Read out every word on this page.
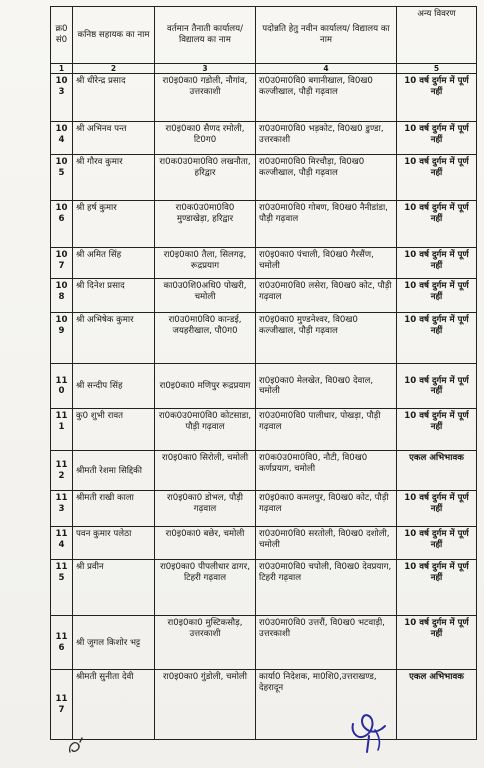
क्र0 सं0	कनिष्ठ सहायक का नाम	वर्तमान तैनाती कार्यालय/ विद्यालय का नाम	पदोन्नति हेतु नवीन कार्यालय/ विद्यालय का नाम	अन्य विवरण
1	2	3	4	5
103	श्री धीरेन्द्र प्रसाद	रा0इ0का0 गडोली, नौगांव, उत्तरकाशी	रा0उ0मा0वि0 बगानीखाल, वि0ख0 कल्जीखाल, पौड़ी गढ़वाल	10 वर्ष दुर्गम में पूर्ण नहीं
104	श्री अभिनव पन्त	रा0इ0का0 सैणद रमोली, टि0ग0	रा0उ0मा0वि0 भड़कोट, वि0ख0 डुण्डा, उत्तरकाशी	10 वर्ष दुर्गम में पूर्ण नहीं
105	श्री गौरव कुमार	रा0क0उ0मा0वि0 लखनौता, हरिद्वार	रा0उ0मा0वि0 मिरचौड़ा, वि0ख0 कल्जीखाल, पौड़ी गढ़वाल	10 वर्ष दुर्गम में पूर्ण नहीं
106	श्री हर्ष कुमार	रा0क0उ0मा0वि0 मुण्डाखेड़ा, हरिद्वार	रा0उ0मा0वि0 गोबण, वि0ख0 नैनीडांडा, पौड़ी गढ़वाल	10 वर्ष दुर्गम में पूर्ण नहीं
107	श्री अमित सिंह	रा0इ0का0 तैला, सिलगढ़, रूद्रप्रयाग	रा0इ0का0 पंचाली, वि0ख0 गैरसैंण, चमोली	10 वर्ष दुर्गम में पूर्ण नहीं
108	श्री दिनेश प्रसाद	का0उ0शि0अधि0 पोखरी, चमोली	रा0उ0मा0वि0 लसेरा, वि0ख0 कोट, पौड़ी गढ़वाल	10 वर्ष दुर्गम में पूर्ण नहीं
109	श्री अभिषेक कुमार	रा0उ0मा0वि0 कान्डई, जयहरीखाल, पौ0ग0	रा0इ0का0 मुण्डनेश्वर, वि0ख0 कल्जीखाल, पौड़ी गढ़वाल	10 वर्ष दुर्गम में पूर्ण नहीं
110	श्री सन्दीप सिंह	रा0इ0का0 मणिपुर रूद्रप्रयाग	रा0इ0का0 मेलखेत, वि0ख0 देवाल, चमोली	10 वर्ष दुर्गम में पूर्ण नहीं
111	कु0 शुभी रावत	रा0क0उ0मा0वि0 कोटसाडा, पौड़ी गढ़वाल	रा0उ0मा0वि0 पालीधार, पोखड़ा, पौड़ी गढ़वाल	10 वर्ष दुर्गम में पूर्ण नहीं
112	श्रीमती रेशमा सिद्दिकी	रा0इ0का0 सिरोली, चमोली	रा0क0उ0मा0वि0, नौटी, वि0ख0 कर्णप्रयाग, चमोली	एकल अभिभावक
113	श्रीमती राखी काला	रा0इ0का0 डोभल, पौड़ी गढ़वाल	रा0इ0का0 कमलपुर, वि0ख0 कोट, पौड़ी गढ़वाल	10 वर्ष दुर्गम में पूर्ण नहीं
114	पवन कुमार पलेठा	रा0इ0का0 बछेर, चमोली	रा0उ0मा0वि0 सरतोली, वि0ख0 दशोली, चमोली	10 वर्ष दुर्गम में पूर्ण नहीं
115	श्री प्रवीन	रा0इ0का0 पीपलीधार ढागर, टिहरी गढ़वाल	रा0उ0मा0वि0 चपोली, वि0ख0 देवप्रयाग, टिहरी गढ़वाल	10 वर्ष दुर्गम में पूर्ण नहीं
116	श्री जुगल किशोर भट्ट	रा0इ0का0 मुस्टिकसौड़, उत्तरकाशी	रा0उ0मा0वि0 उत्तरौं, वि0ख0 भटवाड़ी, उत्तरकाशी	10 वर्ष दुर्गम में पूर्ण नहीं
117	श्रीमती सुनीता देवी	रा0इ0का0 गुंडोली, चमोली	कार्या0 निदेशक, मा0शि0,उत्तराखण्ड, देहरादून	एकल अभिभावक
